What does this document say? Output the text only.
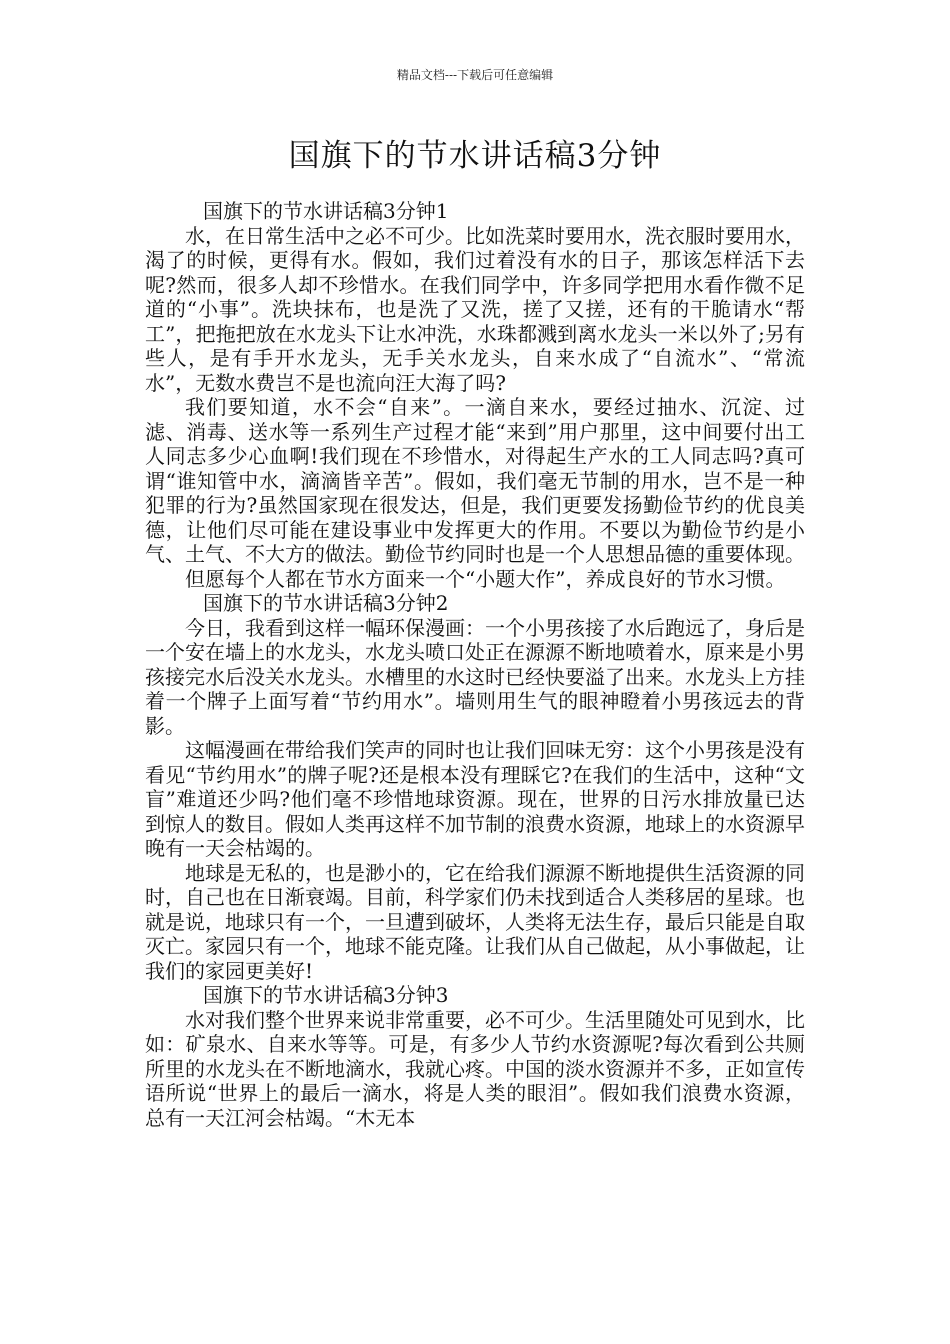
精品文档---下载后可任意编辑
国旗下的节水讲话稿3分钟

国旗下的节水讲话稿3分钟1

水，在日常生活中之必不可少。比如洗菜时要用水，洗衣服时要用水，渴了的时候，更得有水。假如，我们过着没有水的日子，那该怎样活下去呢?然而，很多人却不珍惜水。在我们同学中，许多同学把用水看作微不足道的“小事”。洗块抹布，也是洗了又洗，搓了又搓，还有的干脆请水“帮工”，把拖把放在水龙头下让水冲洗，水珠都溅到离水龙头一米以外了;另有些人，是有手开水龙头，无手关水龙头，自来水成了“自流水”、“常流水”，无数水费岂不是也流向汪大海了吗?

我们要知道，水不会“自来”。一滴自来水，要经过抽水、沉淀、过滤、消毒、送水等一系列生产过程才能“来到”用户那里，这中间要付出工人同志多少心血啊!我们现在不珍惜水，对得起生产水的工人同志吗?真可谓“谁知管中水，滴滴皆辛苦”。假如，我们毫无节制的用水，岂不是一种犯罪的行为?虽然国家现在很发达，但是，我们更要发扬勤俭节约的优良美德，让他们尽可能在建设事业中发挥更大的作用。不要以为勤俭节约是小气、土气、不大方的做法。勤俭节约同时也是一个人思想品德的重要体现。

但愿每个人都在节水方面来一个“小题大作”，养成良好的节水习惯。

国旗下的节水讲话稿3分钟2

今日，我看到这样一幅环保漫画：一个小男孩接了水后跑远了，身后是一个安在墙上的水龙头，水龙头喷口处正在源源不断地喷着水，原来是小男孩接完水后没关水龙头。水槽里的水这时已经快要溢了出来。水龙头上方挂着一个牌子上面写着“节约用水”。墙则用生气的眼神瞪着小男孩远去的背影。

这幅漫画在带给我们笑声的同时也让我们回味无穷：这个小男孩是没有看见“节约用水”的牌子呢?还是根本没有理睬它?在我们的生活中，这种“文盲”难道还少吗?他们毫不珍惜地球资源。现在，世界的日污水排放量已达到惊人的数目。假如人类再这样不加节制的浪费水资源，地球上的水资源早晚有一天会枯竭的。

地球是无私的，也是渺小的，它在给我们源源不断地提供生活资源的同时，自己也在日渐衰竭。目前，科学家们仍未找到适合人类移居的星球。也就是说，地球只有一个，一旦遭到破坏，人类将无法生存，最后只能是自取灭亡。家园只有一个，地球不能克隆。让我们从自己做起，从小事做起，让我们的家园更美好!

国旗下的节水讲话稿3分钟3

水对我们整个世界来说非常重要，必不可少。生活里随处可见到水，比如：矿泉水、自来水等等。可是，有多少人节约水资源呢?每次看到公共厕所里的水龙头在不断地滴水，我就心疼。中国的淡水资源并不多，正如宣传语所说“世界上的最后一滴水，将是人类的眼泪”。假如我们浪费水资源，总有一天江河会枯竭。“木无本
